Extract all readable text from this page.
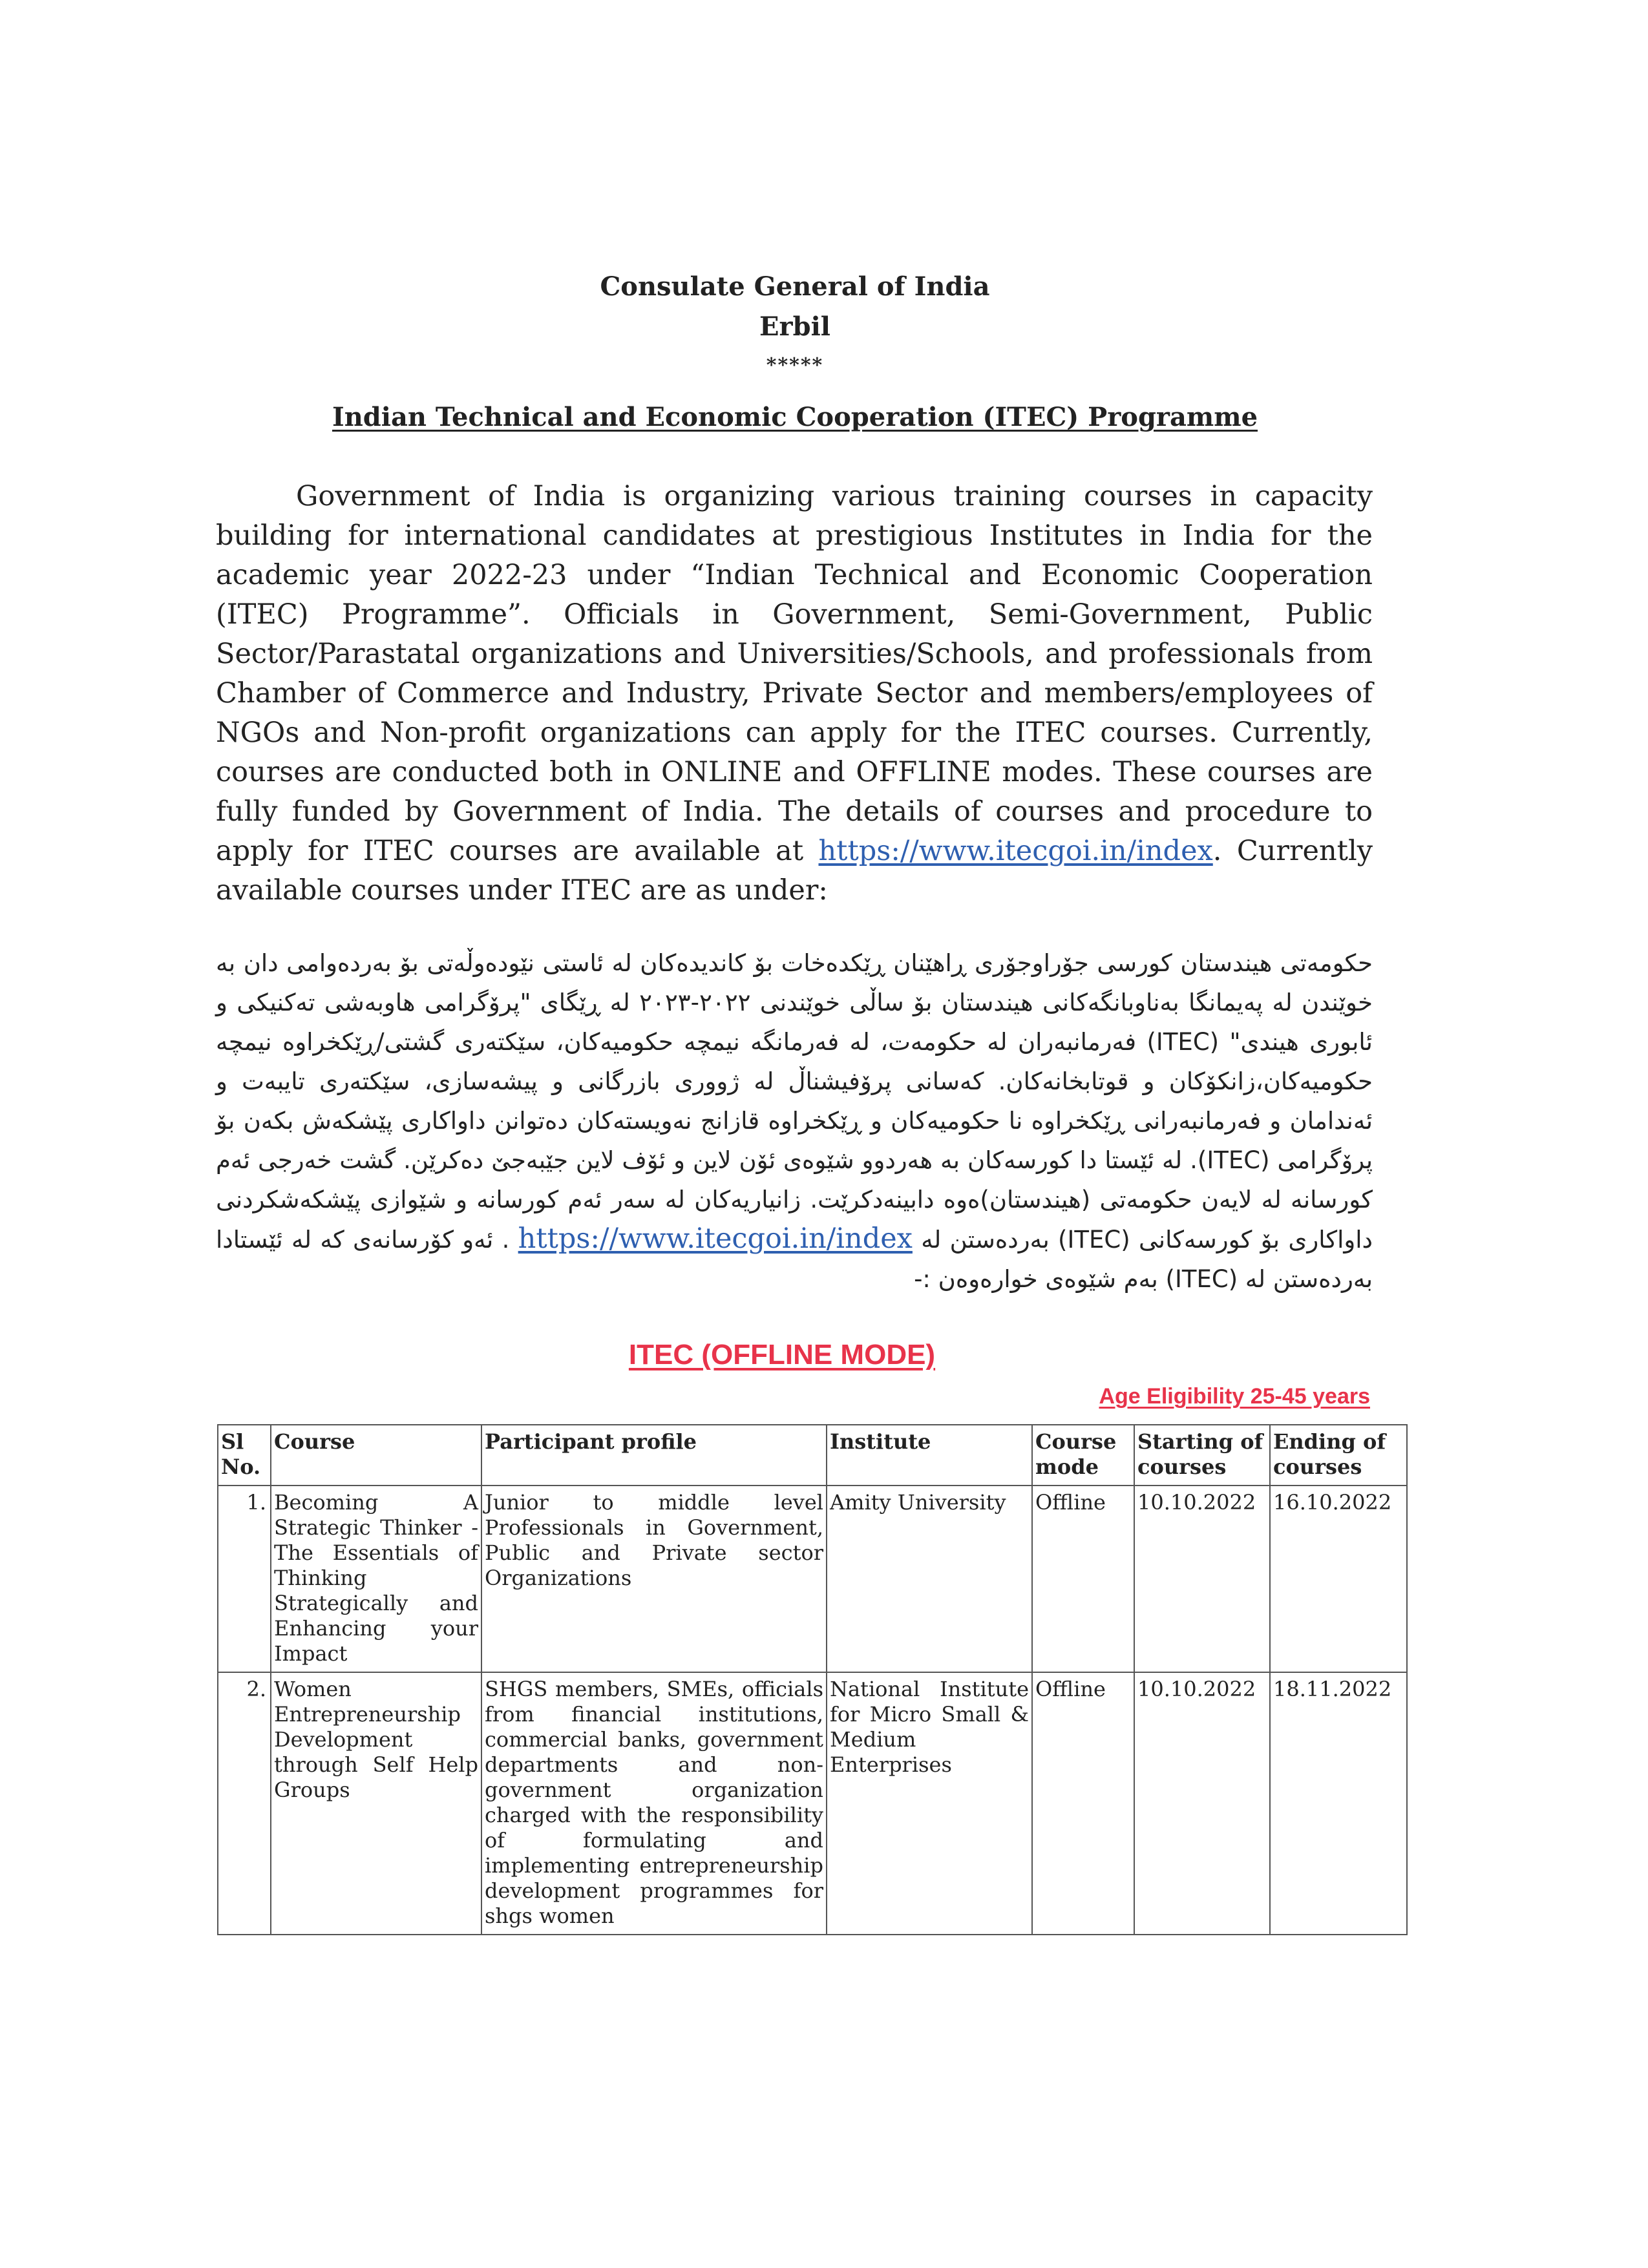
Consulate General of India
Erbil
*****
Indian Technical and Economic Cooperation (ITEC) Programme
Government of India is organizing various training courses in capacity building for international candidates at prestigious Institutes in India for the academic year 2022-23 under “Indian Technical and Economic Cooperation (ITEC) Programme”. Officials in Government, Semi-Government, Public Sector/Parastatal organizations and Universities/Schools, and professionals from Chamber of Commerce and Industry, Private Sector and members/employees of NGOs and Non-profit organizations can apply for the ITEC courses. Currently, courses are conducted both in ONLINE and OFFLINE modes. These courses are fully funded by Government of India. The details of courses and procedure to apply for ITEC courses are available at https://www.itecgoi.in/index. Currently available courses under ITEC are as under:
حکومەتی هیندستان کورسی جۆراوجۆری ڕاهێنان ڕێکدەخات بۆ کاندیدەکان لە ئاستی نێودەوڵەتی بۆ بەردەوامی دان بە خوێندن لە پەیمانگا بەناوبانگەکانی هیندستان بۆ ساڵی خوێندنی ٢٠٢٢-٢٠٢٣ لە ڕێگای "پرۆگرامی هاوبەشی تەکنیکی و ئابوری هیندی" (ITEC) فەرمانبەران لە حکومەت، لە فەرمانگە نیمچە حکومیەکان، سێکتەری گشتی/ڕێکخراوە نیمچە حکومیەکان،زانکۆکان و قوتابخانەکان. کەسانی پرۆفیشناڵ لە ژووری بازرگانی و پیشەسازی، سێکتەری تایبەت و ئەندامان و فەرمانبەرانی ڕێکخراوە نا حکومیەکان و ڕێکخراوە قازانج نەویستەکان دەتوانن داواکاری پێشکەش بکەن بۆ پرۆگرامی (ITEC). لە ئێستا دا کورسەکان بە هەردوو شێوەی ئۆن لاین و ئۆف لاین جێبەجێ دەکرێن. گشت خەرجی ئەم کورسانە لە لایەن حکومەتی (هیندستان)ەوە دابینەدکرێت. زانیاریەکان لە سەر ئەم کورسانە و شێوازی پێشکەشکردنی داواکاری بۆ کورسەکانی (ITEC) بەردەستن لە https://www.itecgoi.in/index . ئەو کۆرسانەی کە لە ئێستادا بەردەستن لە (ITEC) بەم شێوەی خوارەوەن :-
ITEC (OFFLINE MODE)
Age Eligibility 25-45 years
Sl No.	Course	Participant profile	Institute	Course mode	Starting of courses	Ending of courses
1.	Becoming A Strategic Thinker - The Essentials of Thinking Strategically and Enhancing your Impact	Junior to middle level Professionals in Government, Public and Private sector Organizations	Amity University	Offline	10.10.2022	16.10.2022
2.	Women Entrepreneurship Development through Self Help Groups	SHGS members, SMEs, officials from financial institutions, commercial banks, government departments and non-government organization charged with the responsibility of formulating and implementing entrepreneurship development programmes for shgs women	National Institute for Micro Small & Medium Enterprises	Offline	10.10.2022	18.11.2022
